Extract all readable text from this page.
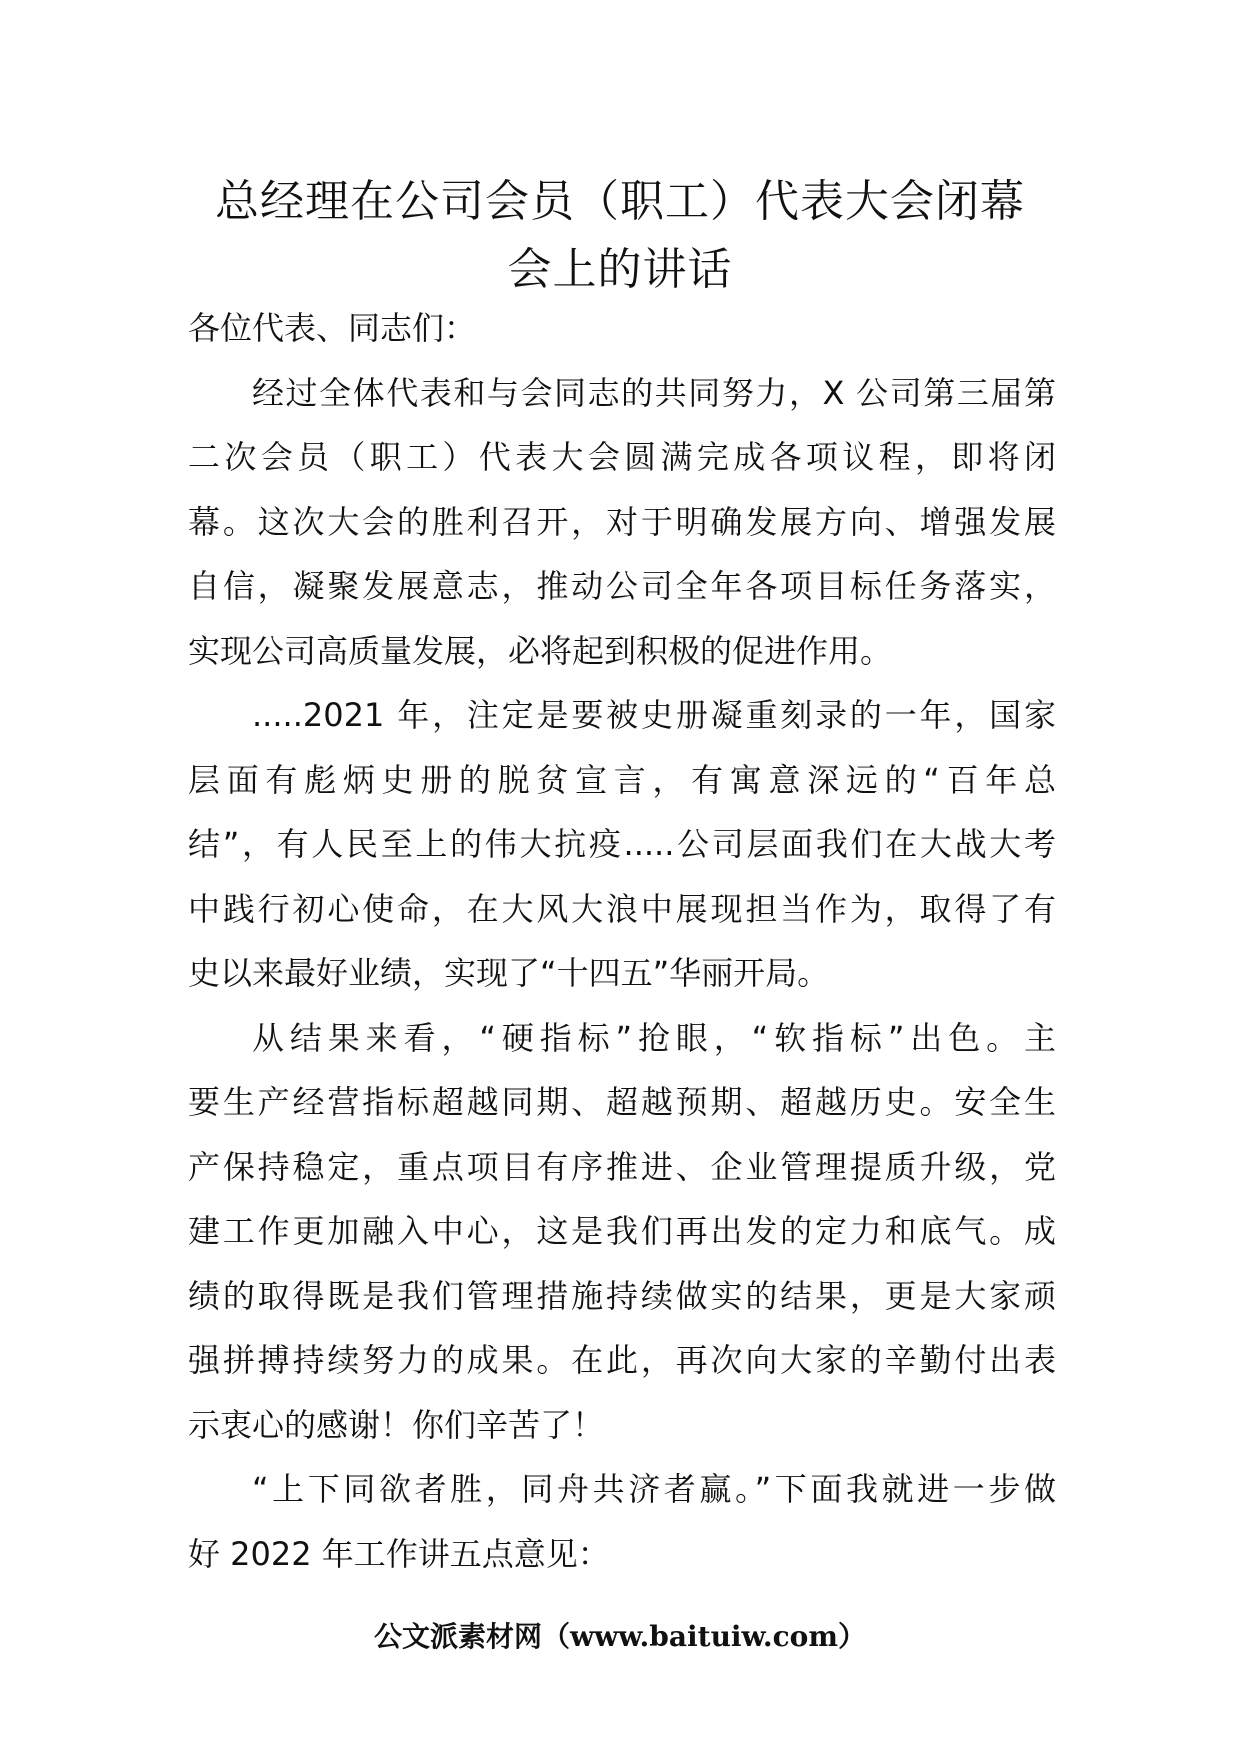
总经理在公司会员（职工）代表大会闭幕
会上的讲话
各位代表、同志们：
经过全体代表和与会同志的共同努力，X 公司第三届第
二次会员（职工）代表大会圆满完成各项议程，即将闭
幕。这次大会的胜利召开，对于明确发展方向、增强发展
自信，凝聚发展意志，推动公司全年各项目标任务落实，
实现公司高质量发展，必将起到积极的促进作用。
.....2021 年，注定是要被史册凝重刻录的一年，国家
层面有彪炳史册的脱贫宣言，有寓意深远的“百年总
结”，有人民至上的伟大抗疫.....公司层面我们在大战大考
中践行初心使命，在大风大浪中展现担当作为，取得了有
史以来最好业绩，实现了“十四五”华丽开局。
从结果来看，“硬指标”抢眼，“软指标”出色。主
要生产经营指标超越同期、超越预期、超越历史。安全生
产保持稳定，重点项目有序推进、企业管理提质升级，党
建工作更加融入中心，这是我们再出发的定力和底气。成
绩的取得既是我们管理措施持续做实的结果，更是大家顽
强拼搏持续努力的成果。在此，再次向大家的辛勤付出表
示衷心的感谢！你们辛苦了！
“上下同欲者胜，同舟共济者赢。”下面我就进一步做
好 2022 年工作讲五点意见：
公文派素材网（www.baituiw.com）
